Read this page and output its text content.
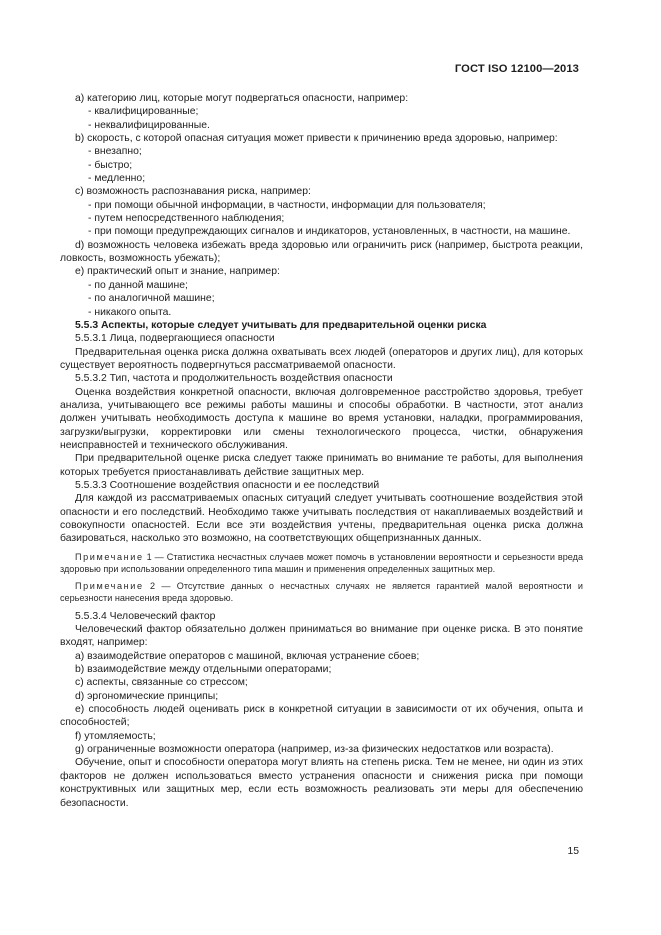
ГОСТ ISO 12100—2013

a) категорию лиц, которые могут подвергаться опасности, например:

- квалифицированные;

- неквалифицированные.

b) скорость, с которой опасная ситуация может привести к причинению вреда здоровью, например:

- внезапно;

- быстро;

- медленно;

c) возможность распознавания риска, например:

- при помощи обычной информации, в частности, информации для пользователя;

- путем непосредственного наблюдения;

- при помощи предупреждающих сигналов и индикаторов, установленных, в частности, на машине.

d) возможность человека избежать вреда здоровью или ограничить риск (например, быстрота реакции, ловкость, возможность убежать);

e) практический опыт и знание, например:

- по данной машине;

- по аналогичной машине;

- никакого опыта.

5.5.3 Аспекты, которые следует учитывать для предварительной оценки риска

5.5.3.1 Лица, подвергающиеся опасности

Предварительная оценка риска должна охватывать всех людей (операторов и других лиц), для которых существует вероятность подвергнуться рассматриваемой опасности.

5.5.3.2 Тип, частота и продолжительность воздействия опасности

Оценка воздействия конкретной опасности, включая долговременное расстройство здоровья, требует анализа, учитывающего все режимы работы машины и способы обработки. В частности, этот анализ должен учитывать необходимость доступа к машине во время установки, наладки, программирования, загрузки/выгрузки, корректировки или смены технологического процесса, чистки, обнаружения неисправностей и технического обслуживания.

При предварительной оценке риска следует также принимать во внимание те работы, для выполнения которых требуется приостанавливать действие защитных мер.

5.5.3.3 Соотношение воздействия опасности и ее последствий

Для каждой из рассматриваемых опасных ситуаций следует учитывать соотношение воздействия этой опасности и его последствий. Необходимо также учитывать последствия от накапливаемых воздействий и совокупности опасностей. Если все эти воздействия учтены, предварительная оценка риска должна базироваться, насколько это возможно, на соответствующих общепризнанных данных.

Примечание 1 — Статистика несчастных случаев может помочь в установлении вероятности и серьезности вреда здоровью при использовании определенного типа машин и применения определенных защитных мер.

Примечание 2 — Отсутствие данных о несчастных случаях не является гарантией малой вероятности и серьезности нанесения вреда здоровью.

5.5.3.4 Человеческий фактор

Человеческий фактор обязательно должен приниматься во внимание при оценке риска. В это понятие входят, например:

a) взаимодействие операторов с машиной, включая устранение сбоев;

b) взаимодействие между отдельными операторами;

c) аспекты, связанные со стрессом;

d) эргономические принципы;

e) способность людей оценивать риск в конкретной ситуации в зависимости от их обучения, опыта и способностей;

f) утомляемость;

g) ограниченные возможности оператора (например, из-за физических недостатков или возраста).

Обучение, опыт и способности оператора могут влиять на степень риска. Тем не менее, ни один из этих факторов не должен использоваться вместо устранения опасности и снижения риска при помощи конструктивных или защитных мер, если есть возможность реализовать эти меры для обеспечению безопасности.

15
